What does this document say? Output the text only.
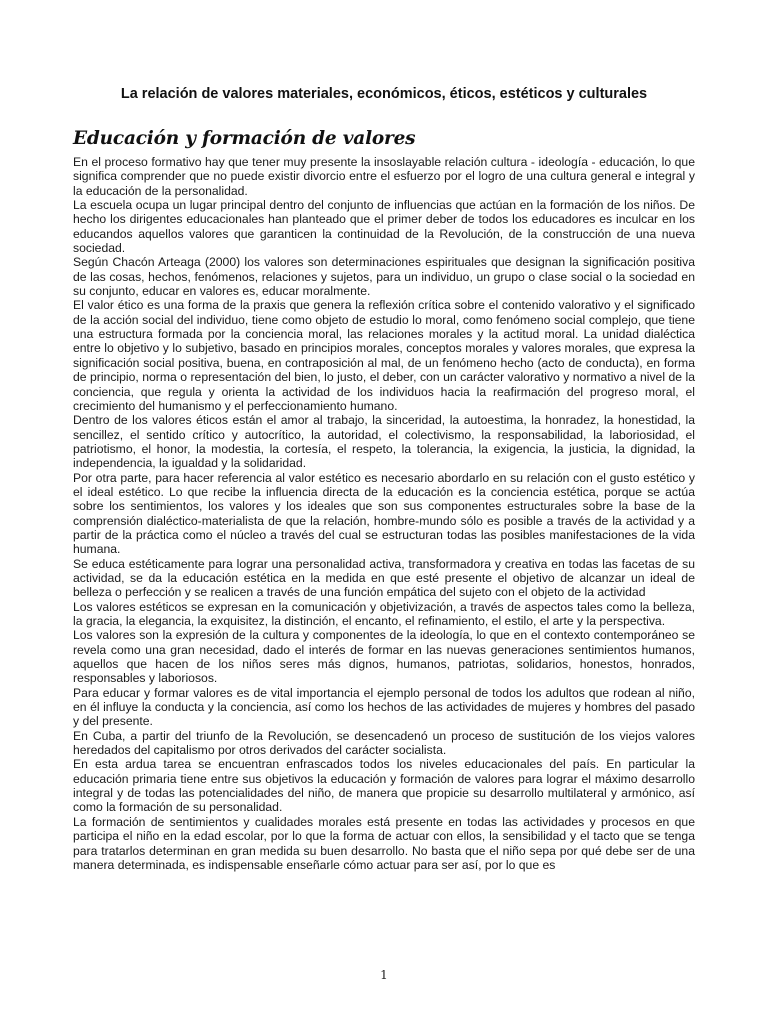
La relación de valores materiales, económicos, éticos, estéticos y culturales
Educación y formación de valores

En el proceso formativo hay que tener muy presente la insoslayable relación cultura - ideología - educación, lo que significa comprender que no puede existir divorcio entre el esfuerzo por el logro de una cultura general e integral y la educación de la personalidad.

La escuela ocupa un lugar principal dentro del conjunto de influencias que actúan en la formación de los niños. De hecho los dirigentes educacionales han planteado que el primer deber de todos los educadores es inculcar en los educandos aquellos valores que garanticen la continuidad de la Revolución, de la construcción de una nueva sociedad.

Según Chacón Arteaga (2000) los valores son determinaciones espirituales que designan la significación positiva de las cosas, hechos, fenómenos, relaciones y sujetos, para un individuo, un grupo o clase social o la sociedad en su conjunto, educar en valores es, educar moralmente.

El valor ético es una forma de la praxis que genera la reflexión crítica sobre el contenido valorativo y el significado de la acción social del individuo, tiene como objeto de estudio lo moral, como fenómeno social complejo, que tiene una estructura formada por la conciencia moral, las relaciones morales y la actitud moral. La unidad dialéctica entre lo objetivo y lo subjetivo, basado en principios morales, conceptos morales y valores morales, que expresa la significación social positiva, buena, en contraposición al mal, de un fenómeno hecho (acto de conducta), en forma de principio, norma o representación del bien, lo justo, el deber, con un carácter valorativo y normativo a nivel de la conciencia, que regula y orienta la actividad de los individuos hacia la reafirmación del progreso moral, el crecimiento del humanismo y el perfeccionamiento humano.

Dentro de los valores éticos están el amor al trabajo, la sinceridad, la autoestima, la honradez, la honestidad, la sencillez, el sentido crítico y autocrítico, la autoridad, el colectivismo, la responsabilidad, la laboriosidad, el patriotismo, el honor, la modestia, la cortesía, el respeto, la tolerancia, la exigencia, la justicia, la dignidad, la independencia, la igualdad y la solidaridad.

Por otra parte, para hacer referencia al valor estético es necesario abordarlo en su relación con el gusto estético y el ideal estético. Lo que recibe la influencia directa de la educación es la conciencia estética, porque se actúa sobre los sentimientos, los valores y los ideales que son sus componentes estructurales sobre la base de la comprensión dialéctico-materialista de que la relación, hombre-mundo sólo es posible a través de la actividad y a partir de la práctica como el núcleo a través del cual se estructuran todas las posibles manifestaciones de la vida humana.

Se educa estéticamente para lograr una personalidad activa, transformadora y creativa en todas las facetas de su actividad, se da la educación estética en la medida en que esté presente el objetivo de alcanzar un ideal de belleza o perfección y se realicen a través de una función empática del sujeto con el objeto de la actividad

Los valores estéticos se expresan en la comunicación y objetivización, a través de aspectos tales como la belleza, la gracia, la elegancia, la exquisitez, la distinción, el encanto, el refinamiento, el estilo, el arte y la perspectiva.

Los valores son la expresión de la cultura y componentes de la ideología, lo que en el contexto contemporáneo se revela como una gran necesidad, dado el interés de formar en las nuevas generaciones sentimientos humanos, aquellos que hacen de los niños seres más dignos, humanos, patriotas, solidarios, honestos, honrados, responsables y laboriosos.

Para educar y formar valores es de vital importancia el ejemplo personal de todos los adultos que rodean al niño, en él influye la conducta y la conciencia, así como los hechos de las actividades de mujeres y hombres del pasado y del presente.

En Cuba, a partir del triunfo de la Revolución, se desencadenó un proceso de sustitución de los viejos valores heredados del capitalismo por otros derivados del carácter socialista.

En esta ardua tarea se encuentran enfrascados todos los niveles educacionales del país. En particular la educación primaria tiene entre sus objetivos la educación y formación de valores para lograr el máximo desarrollo integral y de todas las potencialidades del niño, de manera que propicie su desarrollo multilateral y armónico, así como la formación de su personalidad.

La formación de sentimientos y cualidades morales está presente en todas las actividades y procesos en que participa el niño en la edad escolar, por lo que la forma de actuar con ellos, la sensibilidad y el tacto que se tenga para tratarlos determinan en gran medida su buen desarrollo. No basta que el niño sepa por qué debe ser de una manera determinada, es indispensable enseñarle cómo actuar para ser así, por lo que es

1
